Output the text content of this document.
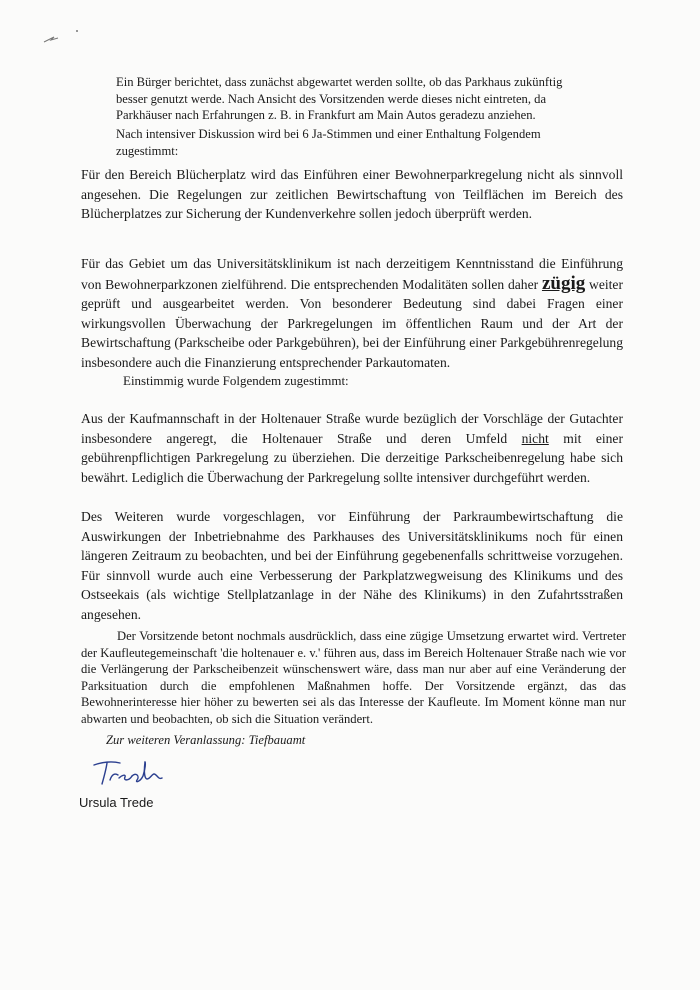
Ein Bürger berichtet, dass zunächst abgewartet werden sollte, ob das Parkhaus zukünftig besser genutzt werde. Nach Ansicht des Vorsitzenden werde dieses nicht eintreten, da Parkhäuser nach Erfahrungen z. B. in Frankfurt am Main Autos geradezu anziehen.

Nach intensiver Diskussion wird bei 6 Ja-Stimmen und einer Enthaltung Folgendem zugestimmt:

Für den Bereich Blücherplatz wird das Einführen einer Bewohnerparkregelung nicht als sinnvoll angesehen. Die Regelungen zur zeitlichen Bewirtschaftung von Teilflächen im Bereich des Blücherplatzes zur Sicherung der Kundenverkehre sollen jedoch überprüft werden.

Für das Gebiet um das Universitätsklinikum ist nach derzeitigem Kenntnisstand die Einführung von Bewohnerparkzonen zielführend. Die entsprechenden Modalitäten sollen daher zügig weiter geprüft und ausgearbeitet werden. Von besonderer Bedeutung sind dabei Fragen einer wirkungsvollen Überwachung der Parkregelungen im öffentlichen Raum und der Art der Bewirtschaftung (Parkscheibe oder Parkgebühren), bei der Einführung einer Parkgebührenregelung insbesondere auch die Finanzierung entsprechender Parkautomaten.

Einstimmig wurde Folgendem zugestimmt:

Aus der Kaufmannschaft in der Holtenauer Straße wurde bezüglich der Vorschläge der Gutachter insbesondere angeregt, die Holtenauer Straße und deren Umfeld nicht mit einer gebührenpflichtigen Parkregelung zu überziehen. Die derzeitige Parkscheibenregelung habe sich bewährt. Lediglich die Überwachung der Parkregelung sollte intensiver durchgeführt werden.

Des Weiteren wurde vorgeschlagen, vor Einführung der Parkraumbewirtschaftung die Auswirkungen der Inbetriebnahme des Parkhauses des Universitätsklinikums noch für einen längeren Zeitraum zu beobachten, und bei der Einführung gegebenenfalls schrittweise vorzugehen. Für sinnvoll wurde auch eine Verbesserung der Parkplatzwegweisung des Klinikums und des Ostseekais (als wichtige Stellplatzanlage in der Nähe des Klinikums) in den Zufahrtsstraßen angesehen.

Der Vorsitzende betont nochmals ausdrücklich, dass eine zügige Umsetzung erwartet wird. Vertreter der Kaufleutegemeinschaft 'die holtenauer e. v.' führen aus, dass im Bereich Holtenauer Straße nach wie vor die Verlängerung der Parkscheibenzeit wünschenswert wäre, dass man nur aber auf eine Veränderung der Parksituation durch die empfohlenen Maßnahmen hoffe. Der Vorsitzende ergänzt, das das Bewohnerinteresse hier höher zu bewerten sei als das Interesse der Kaufleute. Im Moment könne man nur abwarten und beobachten, ob sich die Situation verändert.

Zur weiteren Veranlassung: Tiefbauamt

Ursula Trede
